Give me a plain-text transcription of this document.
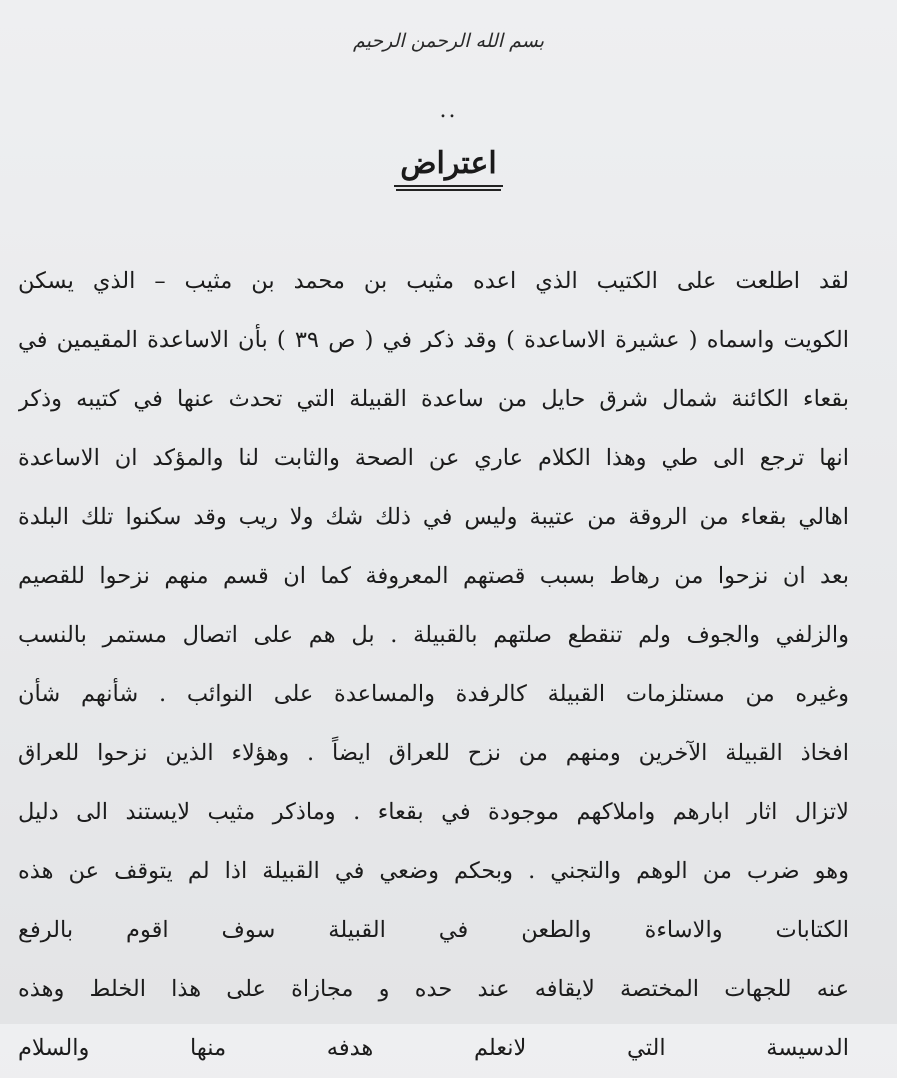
بسم الله الرحمن الرحيم
..
اعتراض
لقد اطلعت على الكتيب الذي اعده مثيب بن محمد بن مثيب – الذي يسكن
الكويت واسماه ( عشيرة الاساعدة ) وقد ذكر في ( ص ٣٩ ) بأن الاساعدة المقيمين في
بقعاء الكائنة شمال شرق حايل من ساعدة القبيلة التي تحدث عنها في كتيبه وذكر
انها ترجع الى طي وهذا الكلام عاري عن الصحة والثابت لنا والمؤكد ان الاساعدة
اهالي بقعاء من الروقة من عتيبة وليس في ذلك شك ولا ريب وقد سكنوا تلك البلدة
بعد ان نزحوا من رهاط بسبب قصتهم المعروفة كما ان قسم منهم نزحوا للقصيم
والزلفي والجوف ولم تنقطع صلتهم بالقبيلة . بل هم على اتصال مستمر بالنسب
وغيره من مستلزمات القبيلة كالرفدة والمساعدة على النوائب . شأنهم شأن
افخاذ القبيلة الآخرين ومنهم من نزح للعراق ايضاً . وهؤلاء الذين نزحوا للعراق
لاتزال اثار ابارهم واملاكهم موجودة في بقعاء . وماذكر مثيب لايستند الى دليل
وهو ضرب من الوهم والتجني . وبحكم وضعي في القبيلة اذا لم يتوقف عن هذه
الكتابات والاساءة والطعن في القبيلة سوف اقوم بالرفع
عنه للجهات المختصة لايقافه عند حده و مجازاة على هذا الخلط وهذه
الدسيسة التي لانعلم هدفه منها والسلام
